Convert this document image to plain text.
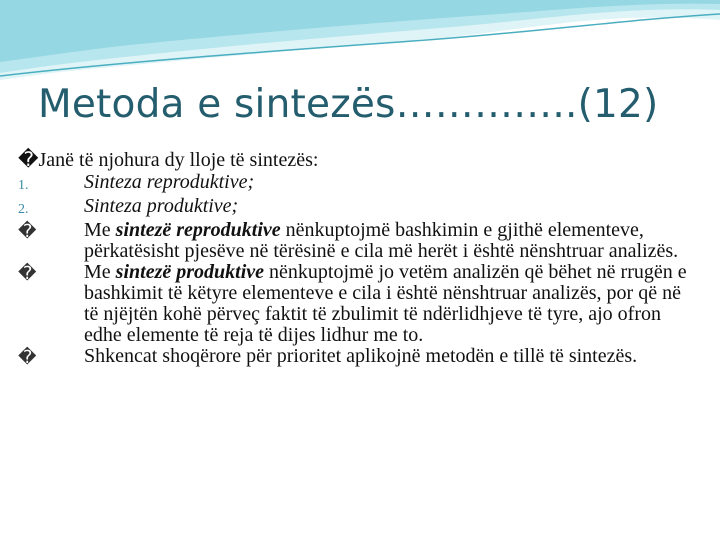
Metoda e sintezës…………..(12)
�Janë të njohura dy lloje të sintezës:
1.	Sinteza reproduktive;
2.	Sinteza produktive;
�	Me sintezë reproduktive nënkuptojmë bashkimin e gjithë elementeve, përkatësisht pjesëve në tërësinë e cila më herët i është nënshtruar analizës.
�	Me sintezë produktive nënkuptojmë jo vetëm analizën që bëhet në rrugën e bashkimit të këtyre elementeve e cila i është nënshtruar analizës, por që në të njëjtën kohë përveç faktit të zbulimit të ndërlidhjeve të tyre, ajo ofron edhe elemente të reja të dijes lidhur me to.
�	Shkencat shoqërore për prioritet aplikojnë metodën e tillë të sintezës.
